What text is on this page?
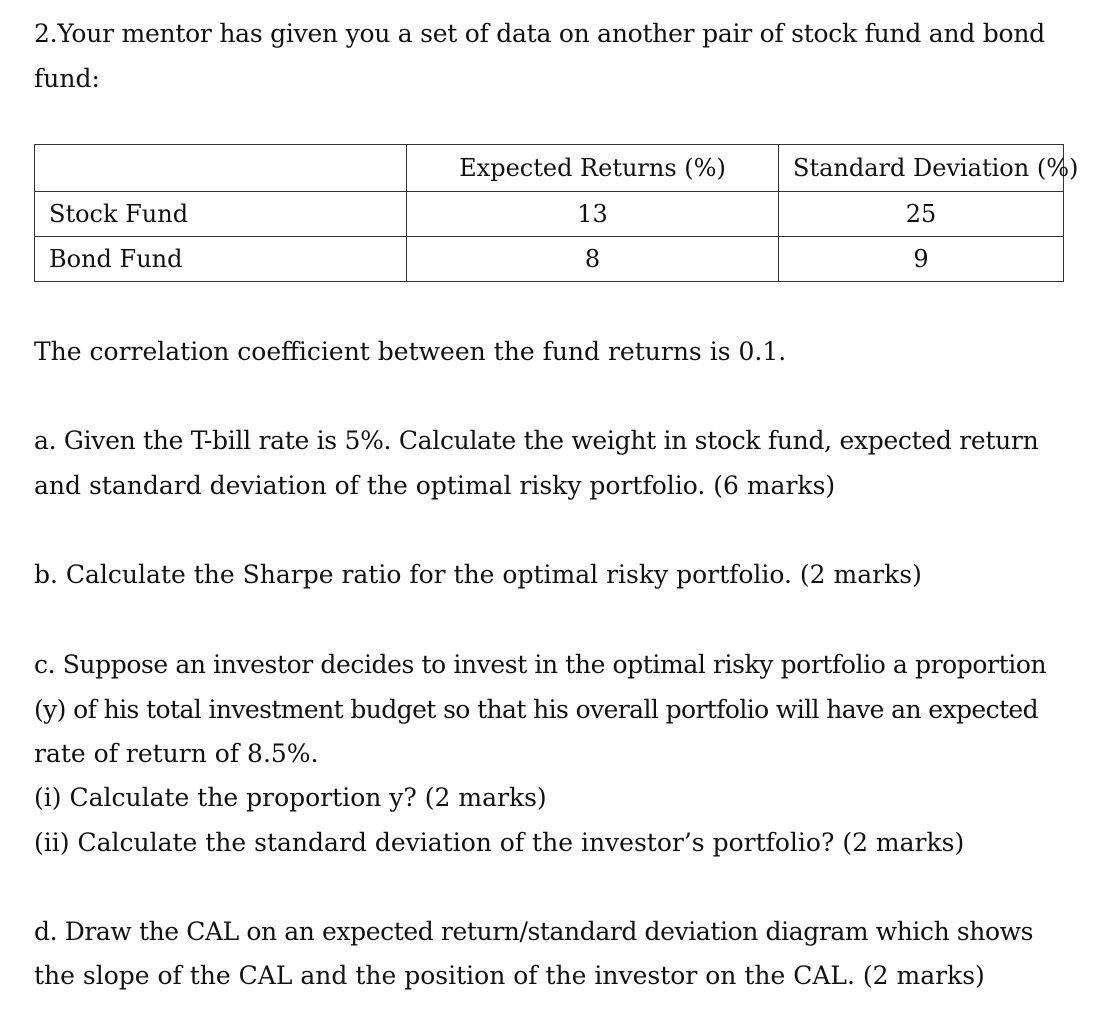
2.Your mentor has given you a set of data on another pair of stock fund and bond

fund:

	Expected Returns (%)	Standard Deviation (%)
Stock Fund	13	25
Bond Fund	8	9

The correlation coefficient between the fund returns is 0.1.

a. Given the T-bill rate is 5%. Calculate the weight in stock fund, expected return

and standard deviation of the optimal risky portfolio. (6 marks)

b. Calculate the Sharpe ratio for the optimal risky portfolio. (2 marks)

c. Suppose an investor decides to invest in the optimal risky portfolio a proportion

(y) of his total investment budget so that his overall portfolio will have an expected

rate of return of 8.5%.

(i) Calculate the proportion y? (2 marks)

(ii) Calculate the standard deviation of the investor’s portfolio? (2 marks)

d. Draw the CAL on an expected return/standard deviation diagram which shows

the slope of the CAL and the position of the investor on the CAL. (2 marks)
